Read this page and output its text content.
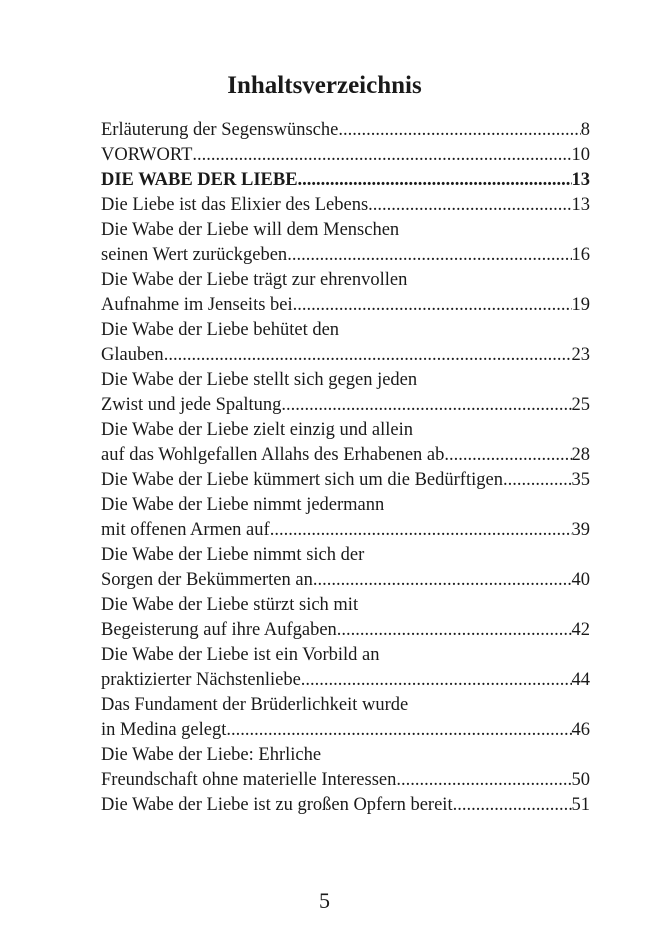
Inhaltsverzeichnis
Erläuterung der Segenswünsche .....	8
VORWORT .....	10
DIE WABE DER LIEBE .....	13
Die Liebe ist das Elixier des Lebens .....	13
Die Wabe der Liebe will dem Menschen
seinen Wert zurückgeben .....	16
Die Wabe der Liebe trägt zur ehrenvollen
Aufnahme im Jenseits bei .....	19
Die Wabe der Liebe behütet den
Glauben .....	23
Die Wabe der Liebe stellt sich gegen jeden
Zwist und jede Spaltung .....	25
Die Wabe der Liebe zielt einzig und allein
auf das Wohlgefallen Allahs des Erhabenen ab .....	28
Die Wabe der Liebe kümmert sich um die Bedürftigen .....	35
Die Wabe der Liebe nimmt jedermann
mit offenen Armen auf .....	39
Die Wabe der Liebe nimmt sich der
Sorgen der Bekümmerten an .....	40
Die Wabe der Liebe stürzt sich mit
Begeisterung auf ihre Aufgaben .....	42
Die Wabe der Liebe ist ein Vorbild an
praktizierter Nächstenliebe .....	44
Das Fundament der Brüderlichkeit wurde
in Medina gelegt .....	46
Die Wabe der Liebe: Ehrliche
Freundschaft ohne materielle Interessen .....	50
Die Wabe der Liebe ist zu großen Opfern bereit .....	51
5
